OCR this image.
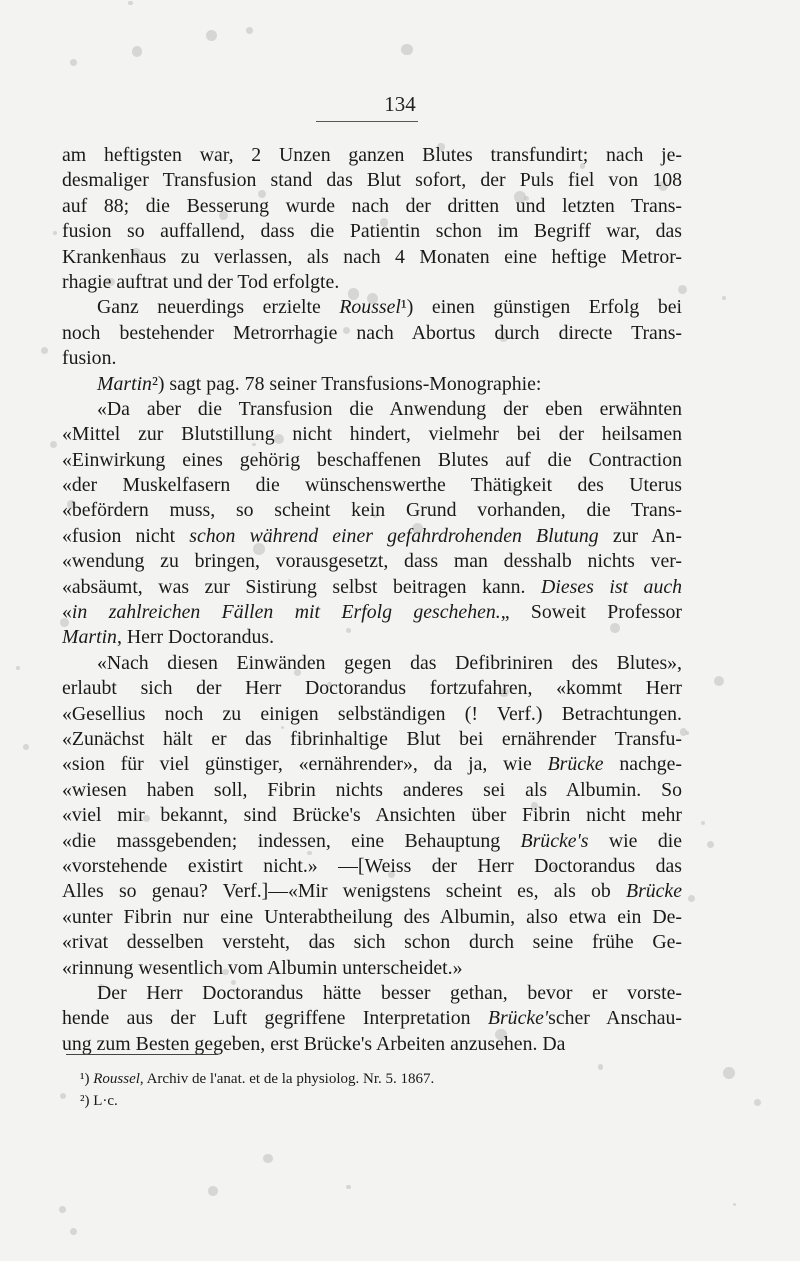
134
am heftigsten war, 2 Unzen ganzen Blutes transfundirt; nach je-
desmaliger Transfusion stand das Blut sofort, der Puls fiel von 108
auf 88; die Besserung wurde nach der dritten und letzten Trans-
fusion so auffallend, dass die Patientin schon im Begriff war, das
Krankenhaus zu verlassen, als nach 4 Monaten eine heftige Metror-
rhagie auftrat und der Tod erfolgte.
Ganz neuerdings erzielte Roussel¹) einen günstigen Erfolg bei
noch bestehender Metrorrhagie nach Abortus durch directe Trans-
fusion.
Martin²) sagt pag. 78 seiner Transfusions-Monographie:
«Da aber die Transfusion die Anwendung der eben erwähnten
«Mittel zur Blutstillung nicht hindert, vielmehr bei der heilsamen
«Einwirkung eines gehörig beschaffenen Blutes auf die Contraction
«der Muskelfasern die wünschenswerthe Thätigkeit des Uterus
«befördern muss, so scheint kein Grund vorhanden, die Trans-
«fusion nicht schon während einer gefahrdrohenden Blutung zur An-
«wendung zu bringen, vorausgesetzt, dass man desshalb nichts ver-
«absäumt, was zur Sistirung selbst beitragen kann. Dieses ist auch
«in zahlreichen Fällen mit Erfolg geschehen.„ Soweit Professor
Martin, Herr Doctorandus.
«Nach diesen Einwänden gegen das Defibriniren des Blutes»,
erlaubt sich der Herr Doctorandus fortzufahren, «kommt Herr
«Gesellius noch zu einigen selbständigen (! Verf.) Betrachtungen.
«Zunächst hält er das fibrinhaltige Blut bei ernährender Transfu-
«sion für viel günstiger, «ernährender», da ja, wie Brücke nachge-
«wiesen haben soll, Fibrin nichts anderes sei als Albumin. So
«viel mir bekannt, sind Brücke's Ansichten über Fibrin nicht mehr
«die massgebenden; indessen, eine Behauptung Brücke's wie die
«vorstehende existirt nicht.» —[Weiss der Herr Doctorandus das
Alles so genau? Verf.]—«Mir wenigstens scheint es, als ob Brücke
«unter Fibrin nur eine Unterabtheilung des Albumin, also etwa ein De-
«rivat desselben versteht, das sich schon durch seine frühe Ge-
«rinnung wesentlich vom Albumin unterscheidet.»
Der Herr Doctorandus hätte besser gethan, bevor er vorste-
hende aus der Luft gegriffene Interpretation Brücke'scher Anschau-
ung zum Besten gegeben, erst Brücke's Arbeiten anzusehen. Da
¹) Roussel, Archiv de l'anat. et de la physiolog. Nr. 5. 1867.
²) L·c.
